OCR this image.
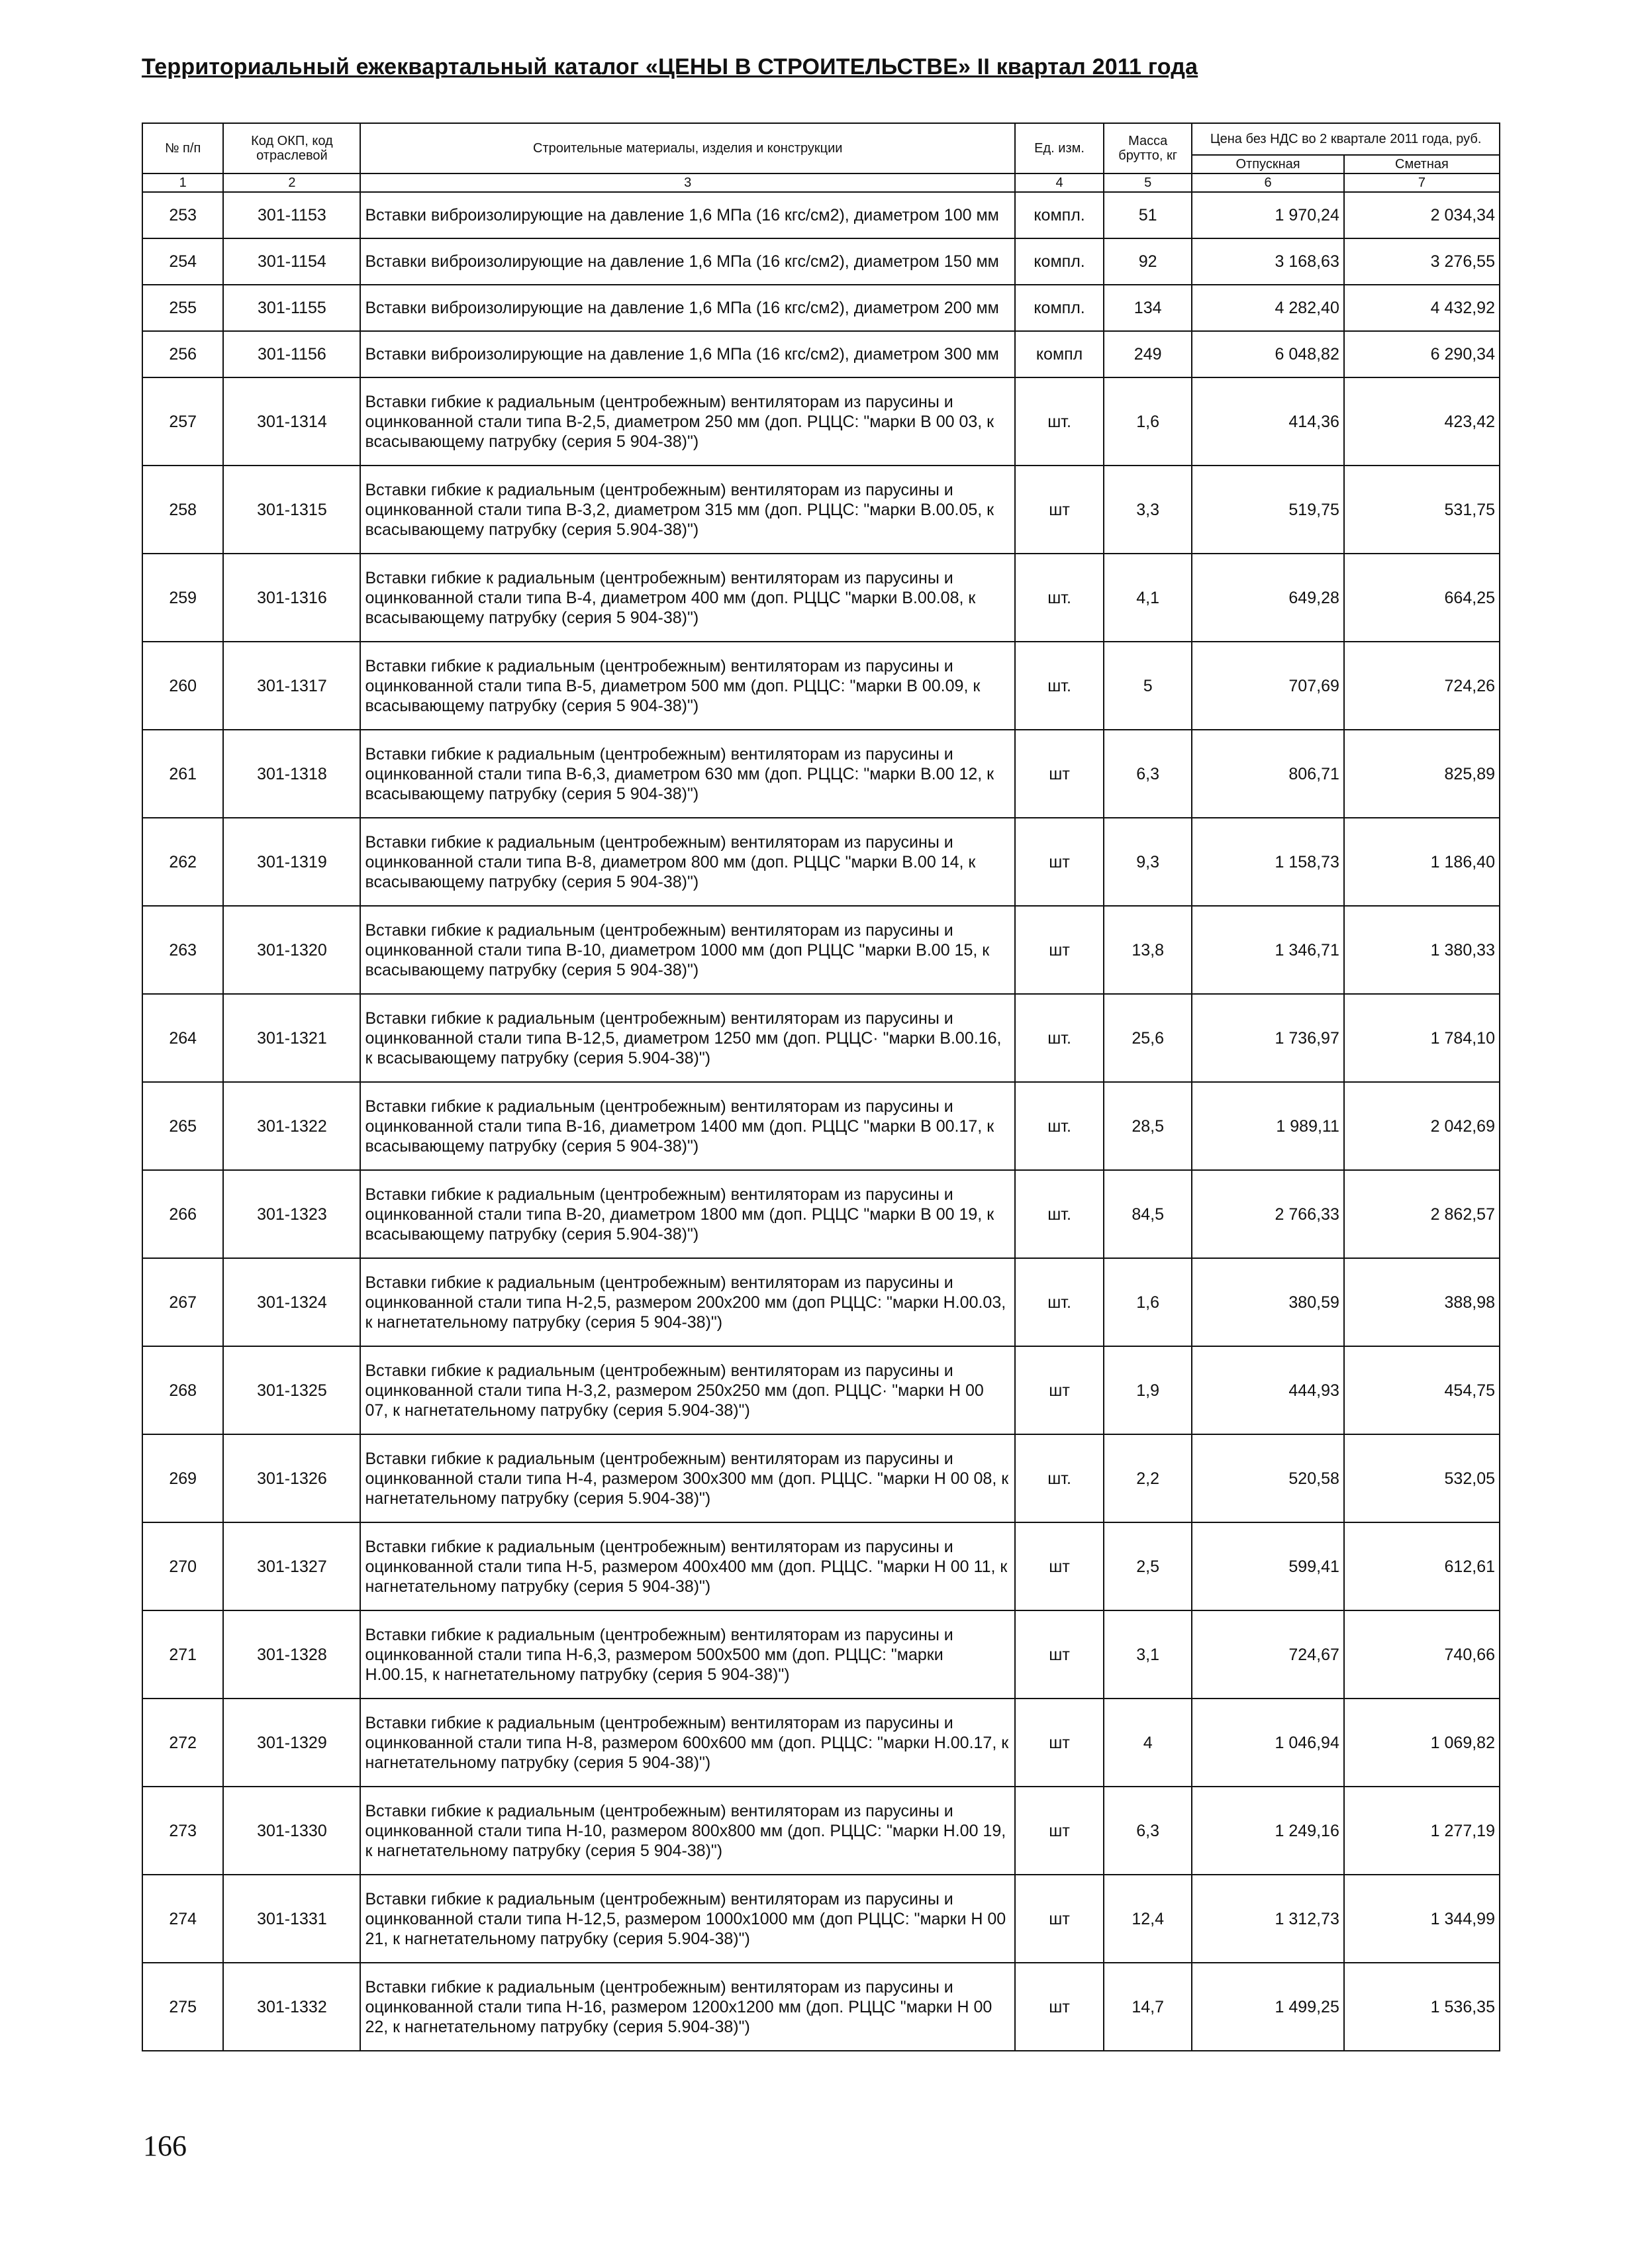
Территориальный ежеквартальный каталог «ЦЕНЫ В СТРОИТЕЛЬСТВЕ» II квартал 2011 года
№ п/п	Код ОКП, код отраслевой	Строительные материалы, изделия и конструкции	Ед. изм.	Масса брутто, кг	Цена без НДС во 2 квартале 2011 года, руб.	
					Отпускная	Сметная
1	2	3	4	5	6	7
253	301-1153	Вставки виброизолирующие на давление 1,6 МПа (16 кгс/см2), диаметром 100 мм	компл.	51	1 970,24	2 034,34
254	301-1154	Вставки виброизолирующие на давление 1,6 МПа (16 кгс/см2), диаметром 150 мм	компл.	92	3 168,63	3 276,55
255	301-1155	Вставки виброизолирующие на давление 1,6 МПа (16 кгс/см2), диаметром 200 мм	компл.	134	4 282,40	4 432,92
256	301-1156	Вставки виброизолирующие на давление 1,6 МПа (16 кгс/см2), диаметром 300 мм	компл	249	6 048,82	6 290,34
257	301-1314	Вставки гибкие к радиальным (центробежным) вентиляторам из парусины и оцинкованной стали типа В-2,5, диаметром 250 мм (доп. РЦЦС: "марки В 00 03, к всасывающему патрубку (серия 5 904-38)")	шт.	1,6	414,36	423,42
258	301-1315	Вставки гибкие к радиальным (центробежным) вентиляторам из парусины и оцинкованной стали типа В-3,2, диаметром 315 мм (доп. РЦЦС: "марки В.00.05, к всасывающему патрубку (серия 5.904-38)")	шт	3,3	519,75	531,75
259	301-1316	Вставки гибкие к радиальным (центробежным) вентиляторам из парусины и оцинкованной стали типа В-4, диаметром 400 мм (доп. РЦЦС "марки В.00.08, к всасывающему патрубку (серия 5 904-38)")	шт.	4,1	649,28	664,25
260	301-1317	Вставки гибкие к радиальным (центробежным) вентиляторам из парусины и оцинкованной стали типа В-5, диаметром 500 мм (доп. РЦЦС: "марки В 00.09, к всасывающему патрубку (серия 5 904-38)")	шт.	5	707,69	724,26
261	301-1318	Вставки гибкие к радиальным (центробежным) вентиляторам из парусины и оцинкованной стали типа В-6,3, диаметром 630 мм (доп. РЦЦС: "марки В.00 12, к всасывающему патрубку (серия 5 904-38)")	шт	6,3	806,71	825,89
262	301-1319	Вставки гибкие к радиальным (центробежным) вентиляторам из парусины и оцинкованной стали типа В-8, диаметром 800 мм (доп. РЦЦС "марки В.00 14, к всасывающему патрубку (серия 5 904-38)")	шт	9,3	1 158,73	1 186,40
263	301-1320	Вставки гибкие к радиальным (центробежным) вентиляторам из парусины и оцинкованной стали типа В-10, диаметром 1000 мм (доп РЦЦС "марки В.00 15, к всасывающему патрубку (серия 5 904-38)")	шт	13,8	1 346,71	1 380,33
264	301-1321	Вставки гибкие к радиальным (центробежным) вентиляторам из парусины и оцинкованной стали типа В-12,5, диаметром 1250 мм (доп. РЦЦС· "марки В.00.16, к всасывающему патрубку (серия 5.904-38)")	шт.	25,6	1 736,97	1 784,10
265	301-1322	Вставки гибкие к радиальным (центробежным) вентиляторам из парусины и оцинкованной стали типа В-16, диаметром 1400 мм (доп. РЦЦС "марки В 00.17, к всасывающему патрубку (серия 5 904-38)")	шт.	28,5	1 989,11	2 042,69
266	301-1323	Вставки гибкие к радиальным (центробежным) вентиляторам из парусины и оцинкованной стали типа В-20, диаметром 1800 мм (доп. РЦЦС "марки В 00 19, к всасывающему патрубку (серия 5.904-38)")	шт.	84,5	2 766,33	2 862,57
267	301-1324	Вставки гибкие к радиальным (центробежным) вентиляторам из парусины и оцинкованной стали типа Н-2,5, размером 200х200 мм (доп РЦЦС: "марки Н.00.03, к нагнетательному патрубку (серия 5 904-38)")	шт.	1,6	380,59	388,98
268	301-1325	Вставки гибкие к радиальным (центробежным) вентиляторам из парусины и оцинкованной стали типа Н-3,2, размером 250х250 мм (доп. РЦЦС· "марки Н 00 07, к нагнетательному патрубку (серия 5.904-38)")	шт	1,9	444,93	454,75
269	301-1326	Вставки гибкие к радиальным (центробежным) вентиляторам из парусины и оцинкованной стали типа Н-4, размером 300х300 мм (доп. РЦЦС. "марки Н 00 08, к нагнетательному патрубку (серия 5.904-38)")	шт.	2,2	520,58	532,05
270	301-1327	Вставки гибкие к радиальным (центробежным) вентиляторам из парусины и оцинкованной стали типа Н-5, размером 400х400 мм (доп. РЦЦС. "марки Н 00 11, к нагнетательному патрубку (серия 5 904-38)")	шт	2,5	599,41	612,61
271	301-1328	Вставки гибкие к радиальным (центробежным) вентиляторам из парусины и оцинкованной стали типа Н-6,3, размером 500х500 мм (доп. РЦЦС: "марки Н.00.15, к нагнетательному патрубку (серия 5 904-38)")	шт	3,1	724,67	740,66
272	301-1329	Вставки гибкие к радиальным (центробежным) вентиляторам из парусины и оцинкованной стали типа Н-8, размером 600х600 мм (доп. РЦЦС: "марки Н.00.17, к нагнетательному патрубку (серия 5 904-38)")	шт	4	1 046,94	1 069,82
273	301-1330	Вставки гибкие к радиальным (центробежным) вентиляторам из парусины и оцинкованной стали типа Н-10, размером 800х800 мм (доп. РЦЦС: "марки Н.00 19, к нагнетательному патрубку (серия 5 904-38)")	шт	6,3	1 249,16	1 277,19
274	301-1331	Вставки гибкие к радиальным (центробежным) вентиляторам из парусины и оцинкованной стали типа Н-12,5, размером 1000х1000 мм (доп РЦЦС: "марки Н 00 21, к нагнетательному патрубку (серия 5.904-38)")	шт	12,4	1 312,73	1 344,99
275	301-1332	Вставки гибкие к радиальным (центробежным) вентиляторам из парусины и оцинкованной стали типа Н-16, размером 1200х1200 мм (доп. РЦЦС "марки Н 00 22, к нагнетательному патрубку (серия 5.904-38)")	шт	14,7	1 499,25	1 536,35
166
